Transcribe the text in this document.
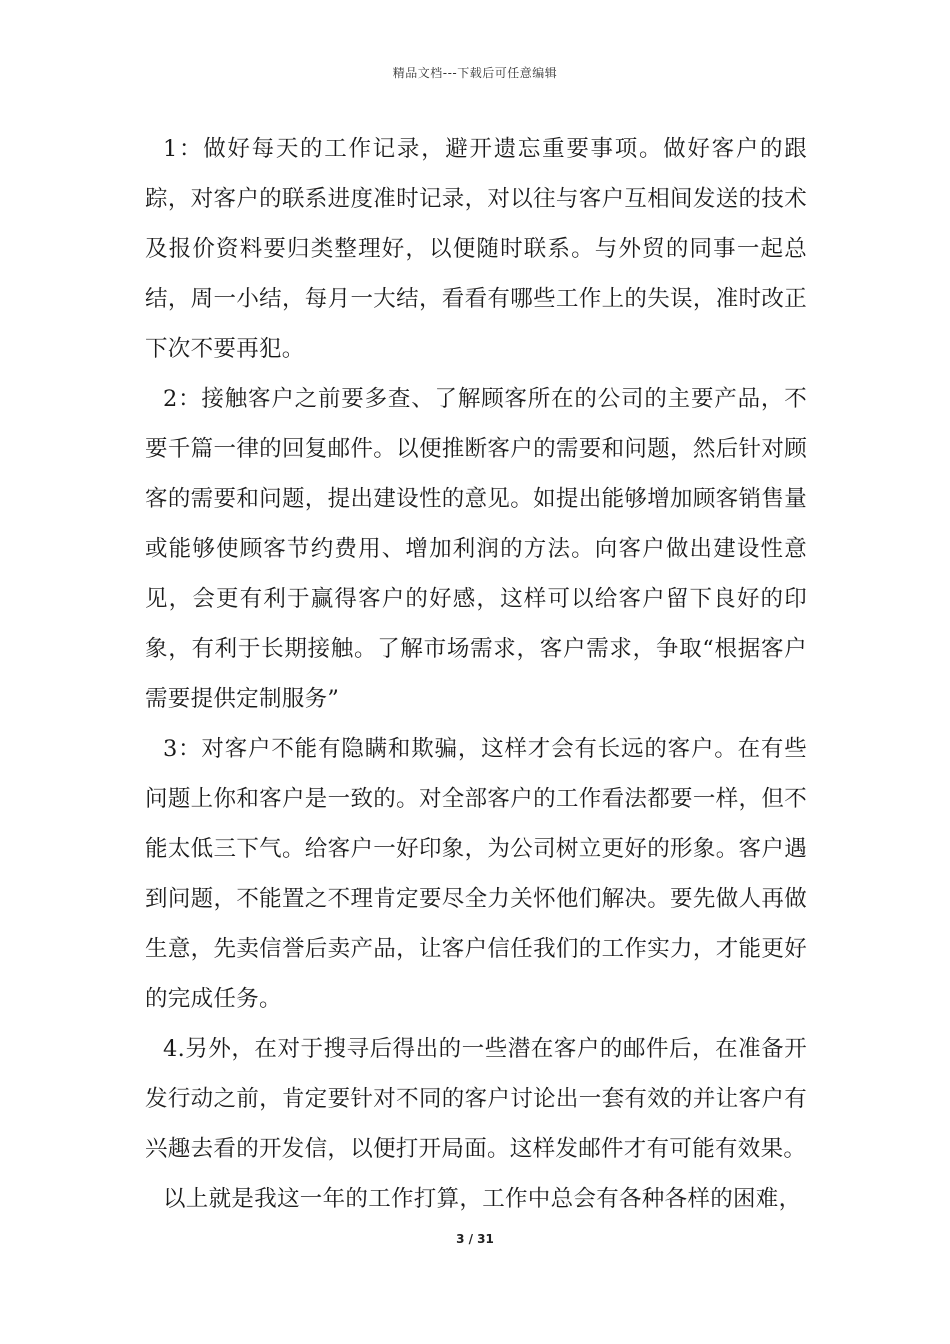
精品文档---下载后可任意编辑

1：做好每天的工作记录，避开遗忘重要事项。做好客户的跟踪，对客户的联系进度准时记录，对以往与客户互相间发送的技术及报价资料要归类整理好，以便随时联系。与外贸的同事一起总结，周一小结，每月一大结，看看有哪些工作上的失误，准时改正下次不要再犯。

2：接触客户之前要多查、了解顾客所在的公司的主要产品，不要千篇一律的回复邮件。以便推断客户的需要和问题，然后针对顾客的需要和问题，提出建设性的意见。如提出能够增加顾客销售量或能够使顾客节约费用、增加利润的方法。向客户做出建设性意见，会更有利于赢得客户的好感，这样可以给客户留下良好的印象，有利于长期接触。了解市场需求，客户需求，争取“根据客户需要提供定制服务”

3：对客户不能有隐瞒和欺骗，这样才会有长远的客户。在有些问题上你和客户是一致的。对全部客户的工作看法都要一样，但不能太低三下气。给客户一好印象，为公司树立更好的形象。客户遇到问题，不能置之不理肯定要尽全力关怀他们解决。要先做人再做生意，先卖信誉后卖产品，让客户信任我们的工作实力，才能更好的完成任务。

4.另外，在对于搜寻后得出的一些潜在客户的邮件后，在准备开发行动之前，肯定要针对不同的客户讨论出一套有效的并让客户有兴趣去看的开发信，以便打开局面。这样发邮件才有可能有效果。

以上就是我这一年的工作打算，工作中总会有各种各样的困难，

3 / 31
